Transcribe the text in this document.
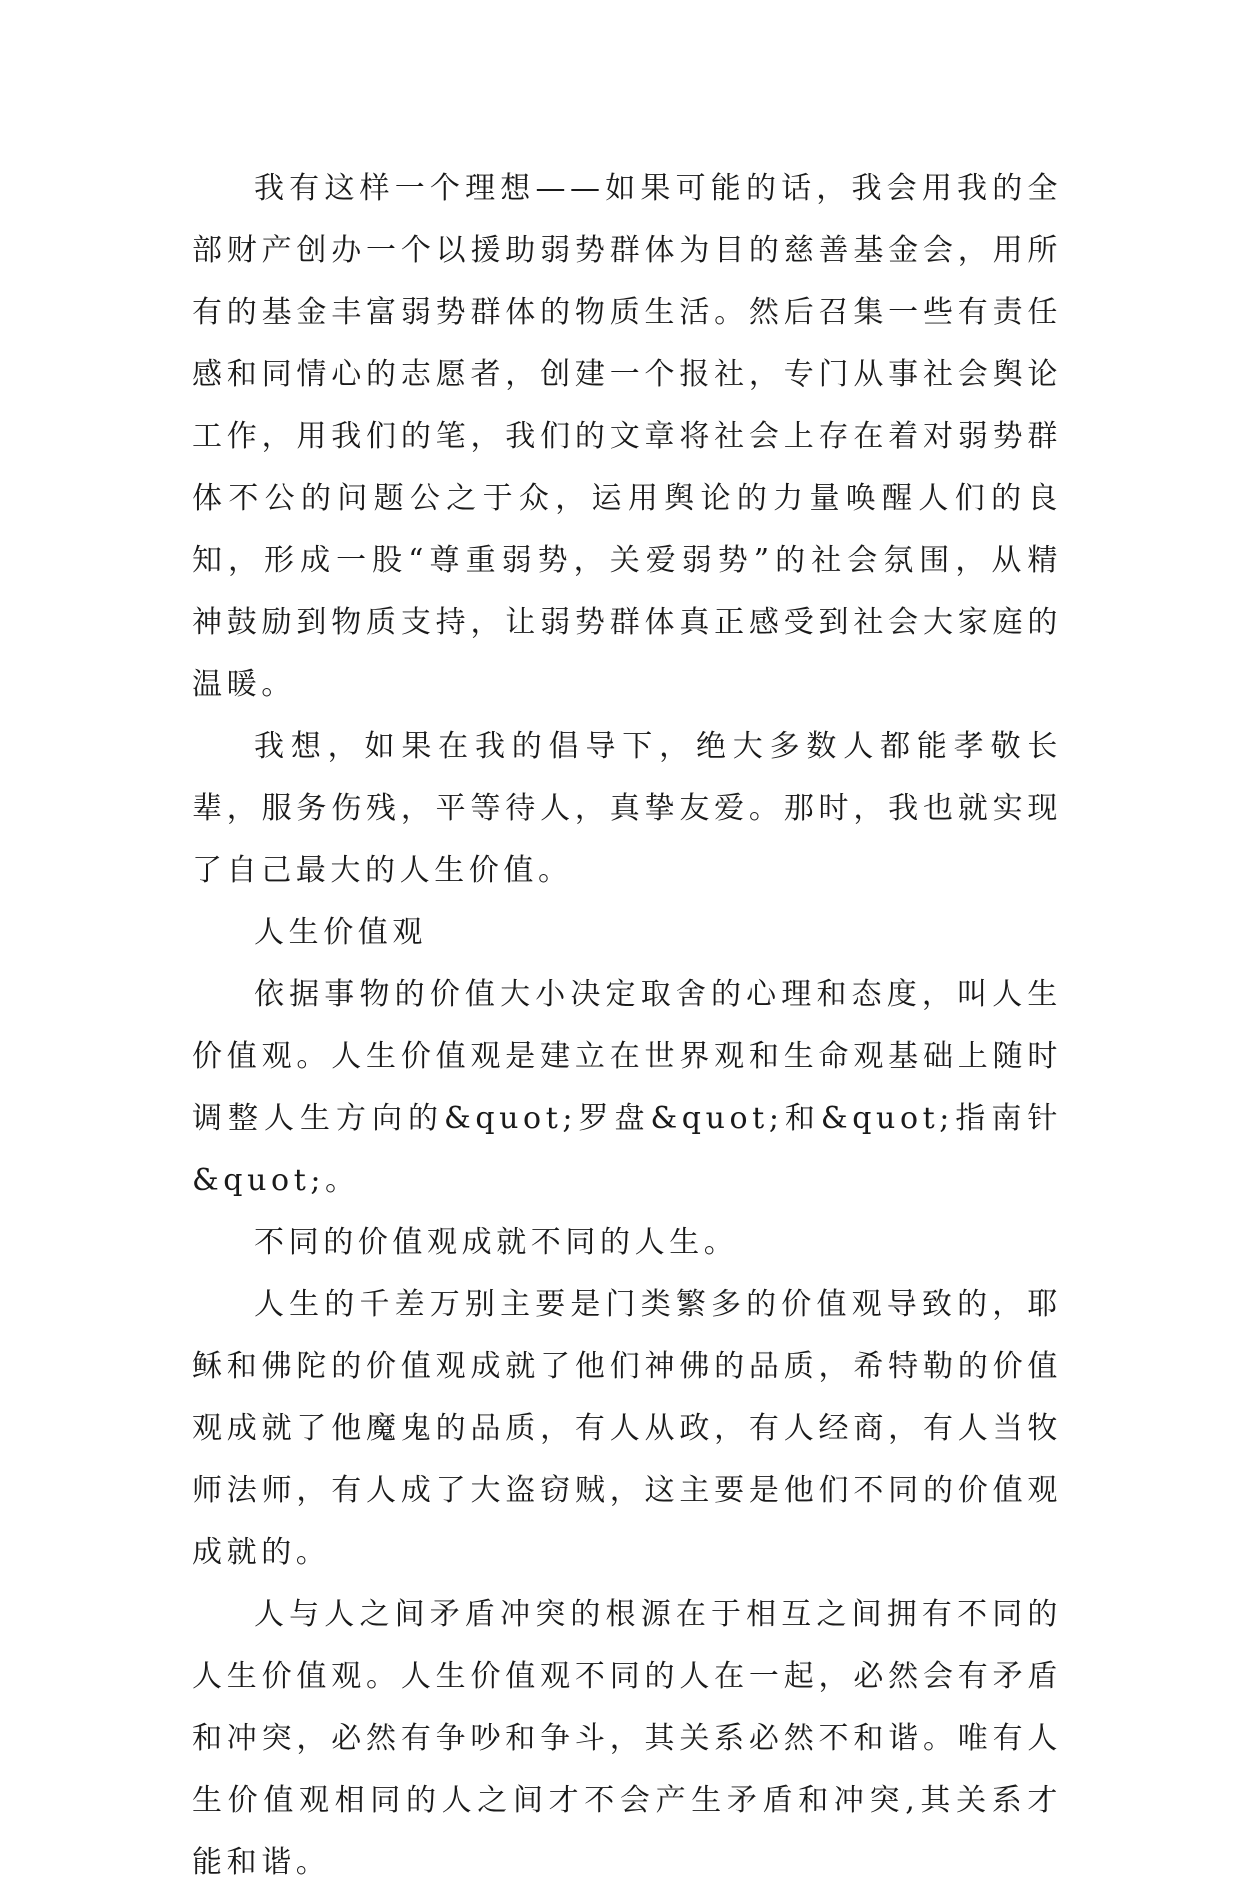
我有这样一个理想——如果可能的话，我会用我的全部财产创办一个以援助弱势群体为目的慈善基金会，用所有的基金丰富弱势群体的物质生活。然后召集一些有责任感和同情心的志愿者，创建一个报社，专门从事社会舆论工作，用我们的笔，我们的文章将社会上存在着对弱势群体不公的问题公之于众，运用舆论的力量唤醒人们的良知，形成一股“尊重弱势，关爱弱势”的社会氛围，从精神鼓励到物质支持，让弱势群体真正感受到社会大家庭的温暖。

我想，如果在我的倡导下，绝大多数人都能孝敬长辈，服务伤残，平等待人，真挚友爱。那时，我也就实现了自己最大的人生价值。

人生价值观

依据事物的价值大小决定取舍的心理和态度，叫人生价值观。人生价值观是建立在世界观和生命观基础上随时调整人生方向的&quot;罗盘&quot;和&quot;指南针&quot;。

不同的价值观成就不同的人生。

人生的千差万别主要是门类繁多的价值观导致的，耶稣和佛陀的价值观成就了他们神佛的品质，希特勒的价值观成就了他魔鬼的品质，有人从政，有人经商，有人当牧师法师，有人成了大盗窃贼，这主要是他们不同的价值观成就的。

人与人之间矛盾冲突的根源在于相互之间拥有不同的人生价值观。人生价值观不同的人在一起，必然会有矛盾和冲突，必然有争吵和争斗，其关系必然不和谐。唯有人生价值观相同的人之间才不会产生矛盾和冲突,其关系才能和谐。
